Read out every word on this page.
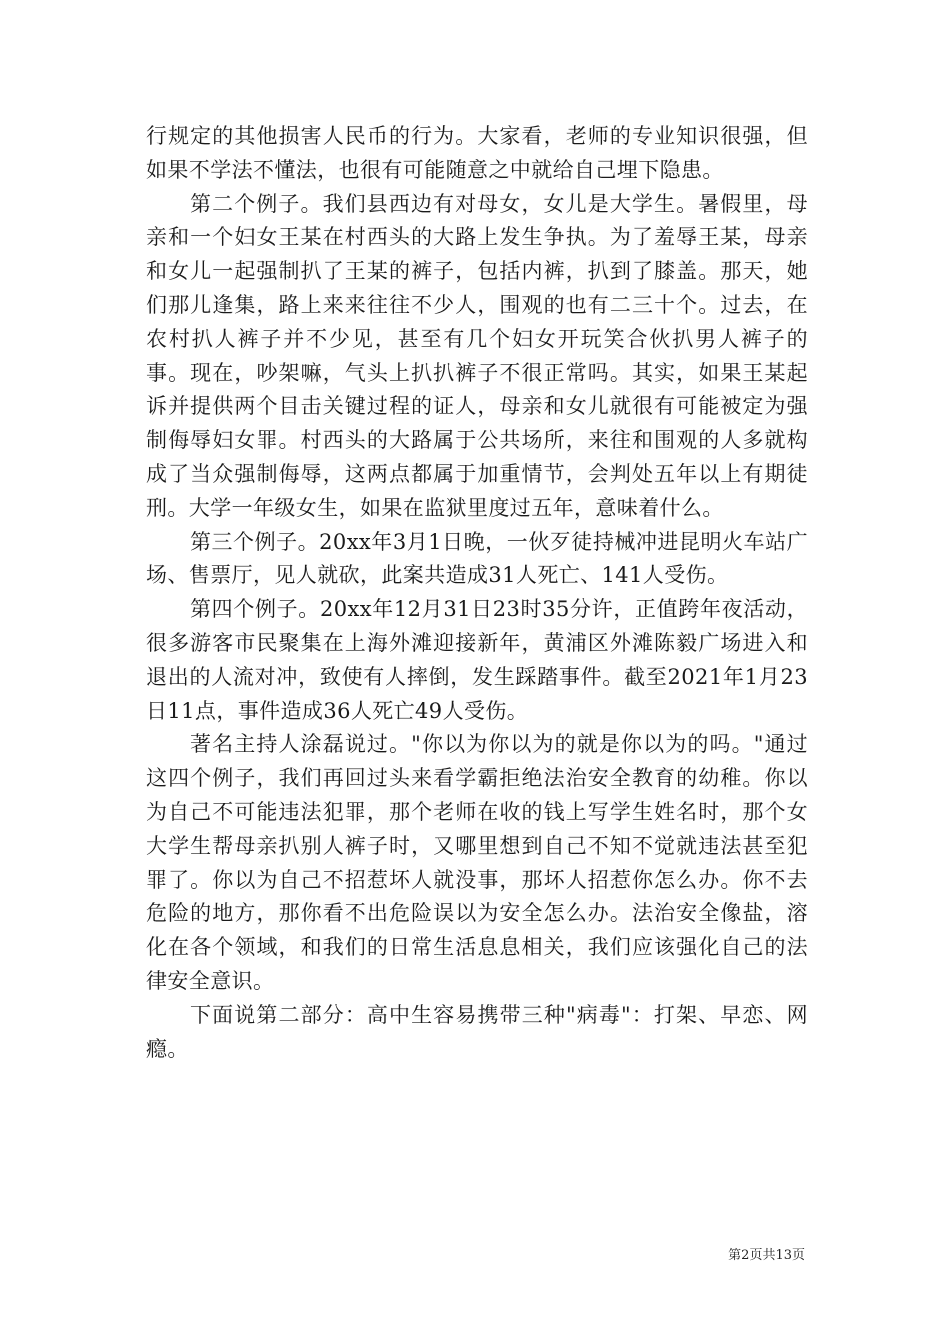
行规定的其他损害人民币的行为。大家看，老师的专业知识很强，但如果不学法不懂法，也很有可能随意之中就给自己埋下隐患。

第二个例子。我们县西边有对母女，女儿是大学生。暑假里，母亲和一个妇女王某在村西头的大路上发生争执。为了羞辱王某，母亲和女儿一起强制扒了王某的裤子，包括内裤，扒到了膝盖。那天，她们那儿逢集，路上来来往往不少人，围观的也有二三十个。过去，在农村扒人裤子并不少见，甚至有几个妇女开玩笑合伙扒男人裤子的事。现在，吵架嘛，气头上扒扒裤子不很正常吗。其实，如果王某起诉并提供两个目击关键过程的证人，母亲和女儿就很有可能被定为强制侮辱妇女罪。村西头的大路属于公共场所，来往和围观的人多就构成了当众强制侮辱，这两点都属于加重情节，会判处五年以上有期徒刑。大学一年级女生，如果在监狱里度过五年，意味着什么。

第三个例子。20xx年3月1日晚，一伙歹徒持械冲进昆明火车站广场、售票厅，见人就砍，此案共造成31人死亡、141人受伤。

第四个例子。20xx年12月31日23时35分许，正值跨年夜活动，很多游客市民聚集在上海外滩迎接新年，黄浦区外滩陈毅广场进入和退出的人流对冲，致使有人摔倒，发生踩踏事件。截至2021年1月23日11点，事件造成36人死亡49人受伤。

著名主持人涂磊说过。"你以为你以为的就是你以为的吗。"通过这四个例子，我们再回过头来看学霸拒绝法治安全教育的幼稚。你以为自己不可能违法犯罪，那个老师在收的钱上写学生姓名时，那个女大学生帮母亲扒别人裤子时，又哪里想到自己不知不觉就违法甚至犯罪了。你以为自己不招惹坏人就没事，那坏人招惹你怎么办。你不去危险的地方，那你看不出危险误以为安全怎么办。法治安全像盐，溶化在各个领域，和我们的日常生活息息相关，我们应该强化自己的法律安全意识。

下面说第二部分：高中生容易携带三种"病毒"：打架、早恋、网瘾。

第2页共13页
